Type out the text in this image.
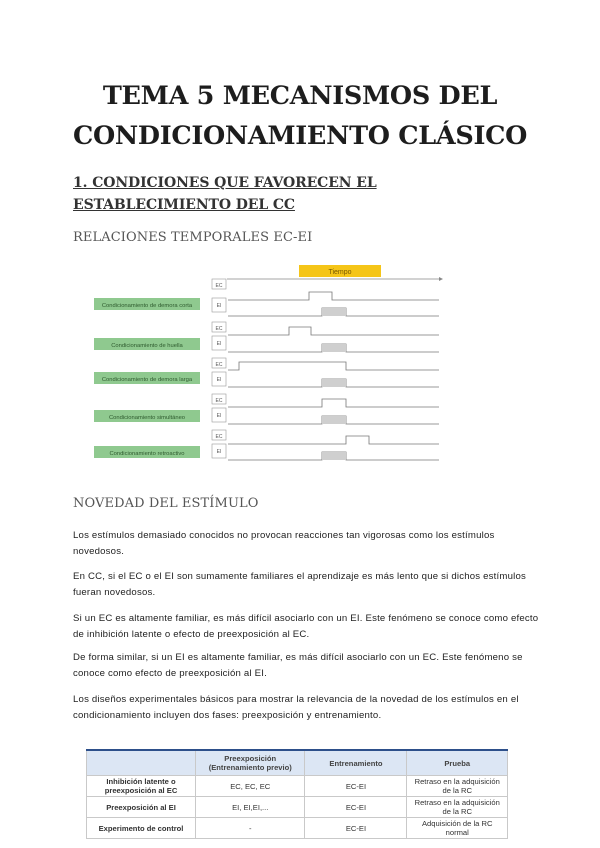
TEMA 5 MECANISMOS DEL CONDICIONAMIENTO CLÁSICO
1. CONDICIONES QUE FAVORECEN EL ESTABLECIMIENTO DEL CC
RELACIONES TEMPORALES EC-EI
Tiempo
Condicionamiento de demora corta
EC
EI
Condicionamiento de huella
EC
EI
Condicionamiento de demora larga
EC
EI
Condicionamiento simultáneo
EC
EI
Condicionamiento retroactivo
EC
EI
NOVEDAD DEL ESTÍMULO
Los estímulos demasiado conocidos no provocan reacciones tan vigorosas como los estímulos novedosos.
En CC, si el EC o el EI son sumamente familiares el aprendizaje es más lento que si dichos estímulos fueran novedosos.
Si un EC es altamente familiar, es más difícil asociarlo con un EI. Este fenómeno se conoce como efecto de inhibición latente o efecto de preexposición al EC.
De forma similar, si un EI es altamente familiar, es más difícil asociarlo con un EC. Este fenómeno se conoce como efecto de preexposición al EI.
Los diseños experimentales básicos para mostrar la relevancia de la novedad de los estímulos en el condicionamiento incluyen dos fases: preexposición y entrenamiento.
	Preexposición (Entrenamiento previo)	Entrenamiento	Prueba
Inhibición latente o preexposición al EC	EC, EC, EC	EC-EI	Retraso en la adquisición de la RC
Preexposición al EI	EI, EI,EI,...	EC-EI	Retraso en la adquisición de la RC
Experimento de control	-	EC-EI	Adquisición de la RC normal
